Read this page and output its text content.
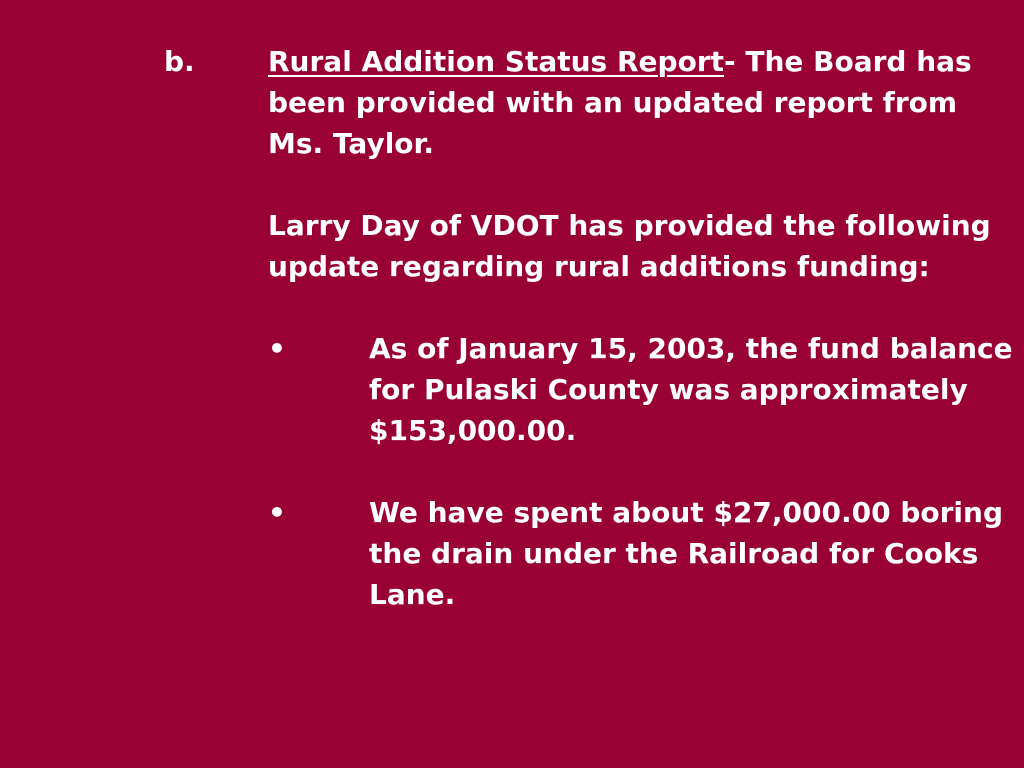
b.	Rural Addition Status Report- The Board has been provided with an updated report from Ms. Taylor.

Larry Day of VDOT has provided the following update regarding rural additions funding:

•	As of January 15, 2003, the fund balance for Pulaski County was approximately $153,000.00.

•	We have spent about $27,000.00 boring the drain under the Railroad for Cooks Lane.
